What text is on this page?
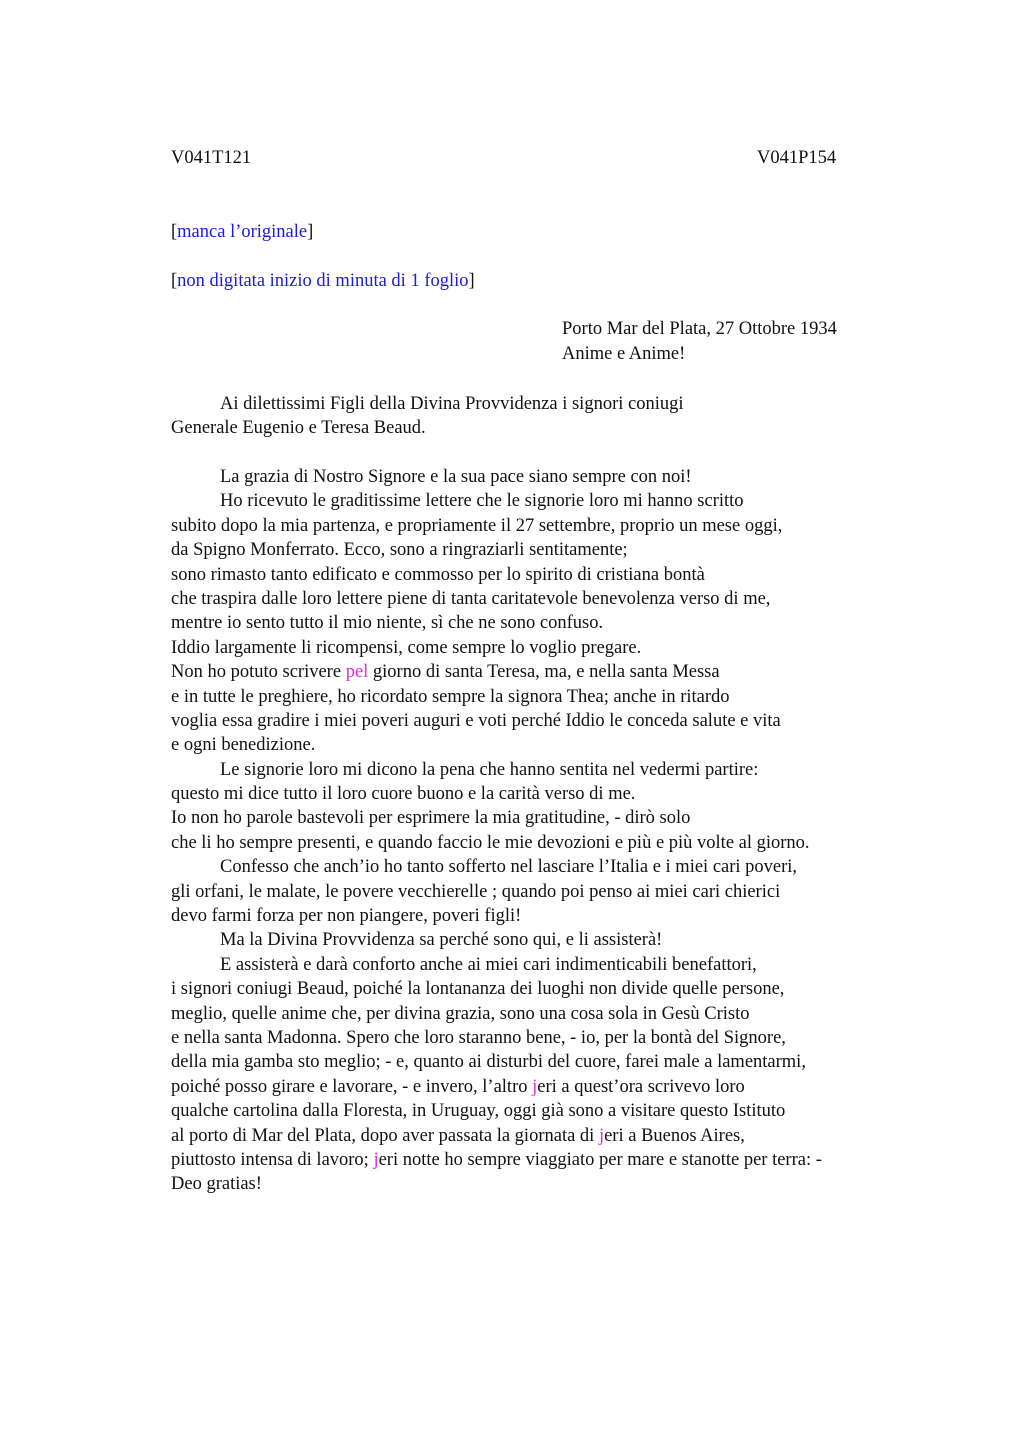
V041T121	V041P154
[manca l’originale]
[non digitata inizio di minuta di 1 foglio]
Porto Mar del Plata, 27 Ottobre 1934
Anime e Anime!
Ai dilettissimi Figli della Divina Provvidenza i signori coniugi
Generale Eugenio e Teresa Beaud.
La grazia di Nostro Signore e la sua pace siano sempre con noi!
Ho ricevuto le graditissime lettere che le signorie loro mi hanno scritto
subito dopo la mia partenza, e propriamente il 27 settembre, proprio un mese oggi,
da Spigno Monferrato. Ecco, sono a ringraziarli sentitamente;
sono rimasto tanto edificato e commosso per lo spirito di cristiana bontà
che traspira dalle loro lettere piene di tanta caritatevole benevolenza verso di me,
mentre io sento tutto il mio niente, sì che ne sono confuso.
Iddio largamente li ricompensi, come sempre lo voglio pregare.
Non ho potuto scrivere pel giorno di santa Teresa, ma, e nella santa Messa
e in tutte le preghiere, ho ricordato sempre la signora Thea; anche in ritardo
voglia essa gradire i miei poveri auguri e voti perché Iddio le conceda salute e vita
e ogni benedizione.
Le signorie loro mi dicono la pena che hanno sentita nel vedermi partire:
questo mi dice tutto il loro cuore buono e la carità verso di me.
Io non ho parole bastevoli per esprimere la mia gratitudine, - dirò solo
che li ho sempre presenti, e quando faccio le mie devozioni e più e più volte al giorno.
Confesso che anch’io ho tanto sofferto nel lasciare l’Italia e i miei cari poveri,
gli orfani, le malate, le povere vecchierelle ; quando poi penso ai miei cari chierici
devo farmi forza per non piangere, poveri figli!
Ma la Divina Provvidenza sa perché sono qui, e li assisterà!
E assisterà e darà conforto anche ai miei cari indimenticabili benefattori,
i signori coniugi Beaud, poiché la lontananza dei luoghi non divide quelle persone,
meglio, quelle anime che, per divina grazia, sono una cosa sola in Gesù Cristo
e nella santa Madonna. Spero che loro staranno bene, - io, per la bontà del Signore,
della mia gamba sto meglio; - e, quanto ai disturbi del cuore, farei male a lamentarmi,
poiché posso girare e lavorare, - e invero, l’altro jeri a quest’ora scrivevo loro
qualche cartolina dalla Floresta, in Uruguay, oggi già sono a visitare questo Istituto
al porto di Mar del Plata, dopo aver passata la giornata di jeri a Buenos Aires,
piuttosto intensa di lavoro; jeri notte ho sempre viaggiato per mare e stanotte per terra: -
Deo gratias!
